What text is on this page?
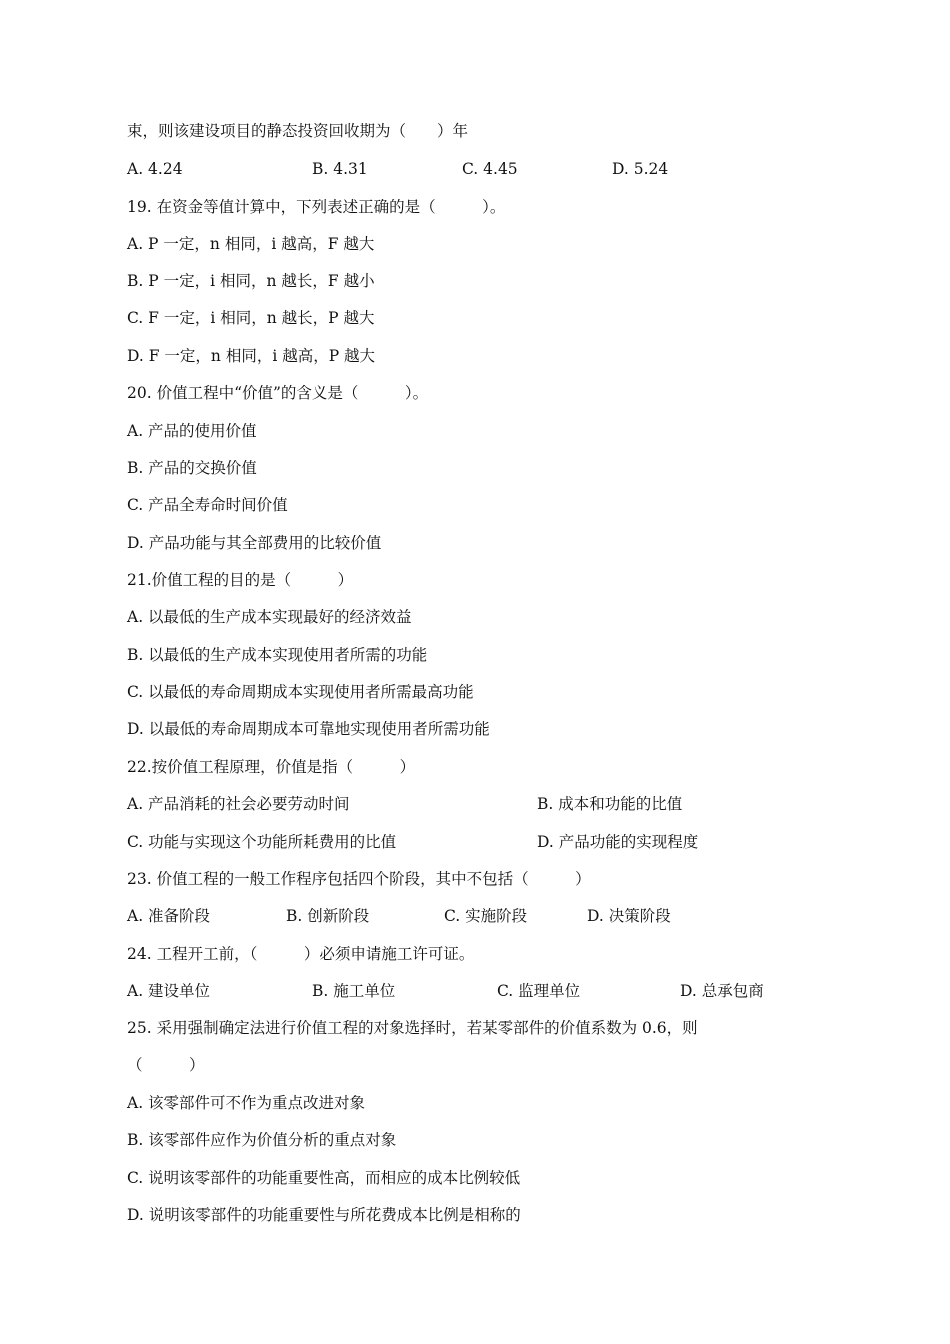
束，则该建设项目的静态投资回收期为（　　）年
A. 4.24	B. 4.31	C. 4.45	D. 5.24
19. 在资金等值计算中，下列表述正确的是（　　　）。
A. P 一定，n 相同，i 越高，F 越大
B. P 一定，i 相同，n 越长，F 越小
C. F 一定，i 相同，n 越长，P 越大
D. F 一定，n 相同，i 越高，P 越大
20. 价值工程中“价值”的含义是（　　　）。
A. 产品的使用价值
B. 产品的交换价值
C. 产品全寿命时间价值
D. 产品功能与其全部费用的比较价值
21.价值工程的目的是（　　　）
A. 以最低的生产成本实现最好的经济效益
B. 以最低的生产成本实现使用者所需的功能
C. 以最低的寿命周期成本实现使用者所需最高功能
D. 以最低的寿命周期成本可靠地实现使用者所需功能
22.按价值工程原理，价值是指（　　　）
A. 产品消耗的社会必要劳动时间	B. 成本和功能的比值
C. 功能与实现这个功能所耗费用的比值	D. 产品功能的实现程度
23. 价值工程的一般工作程序包括四个阶段，其中不包括（　　　）
A. 准备阶段	B. 创新阶段	C. 实施阶段	D. 决策阶段
24. 工程开工前，（　　　）必须申请施工许可证。
A. 建设单位	B. 施工单位	C. 监理单位	D. 总承包商
25. 采用强制确定法进行价值工程的对象选择时，若某零部件的价值系数为 0.6，则
（　　　）
A. 该零部件可不作为重点改进对象
B. 该零部件应作为价值分析的重点对象
C. 说明该零部件的功能重要性高，而相应的成本比例较低
D. 说明该零部件的功能重要性与所花费成本比例是相称的
